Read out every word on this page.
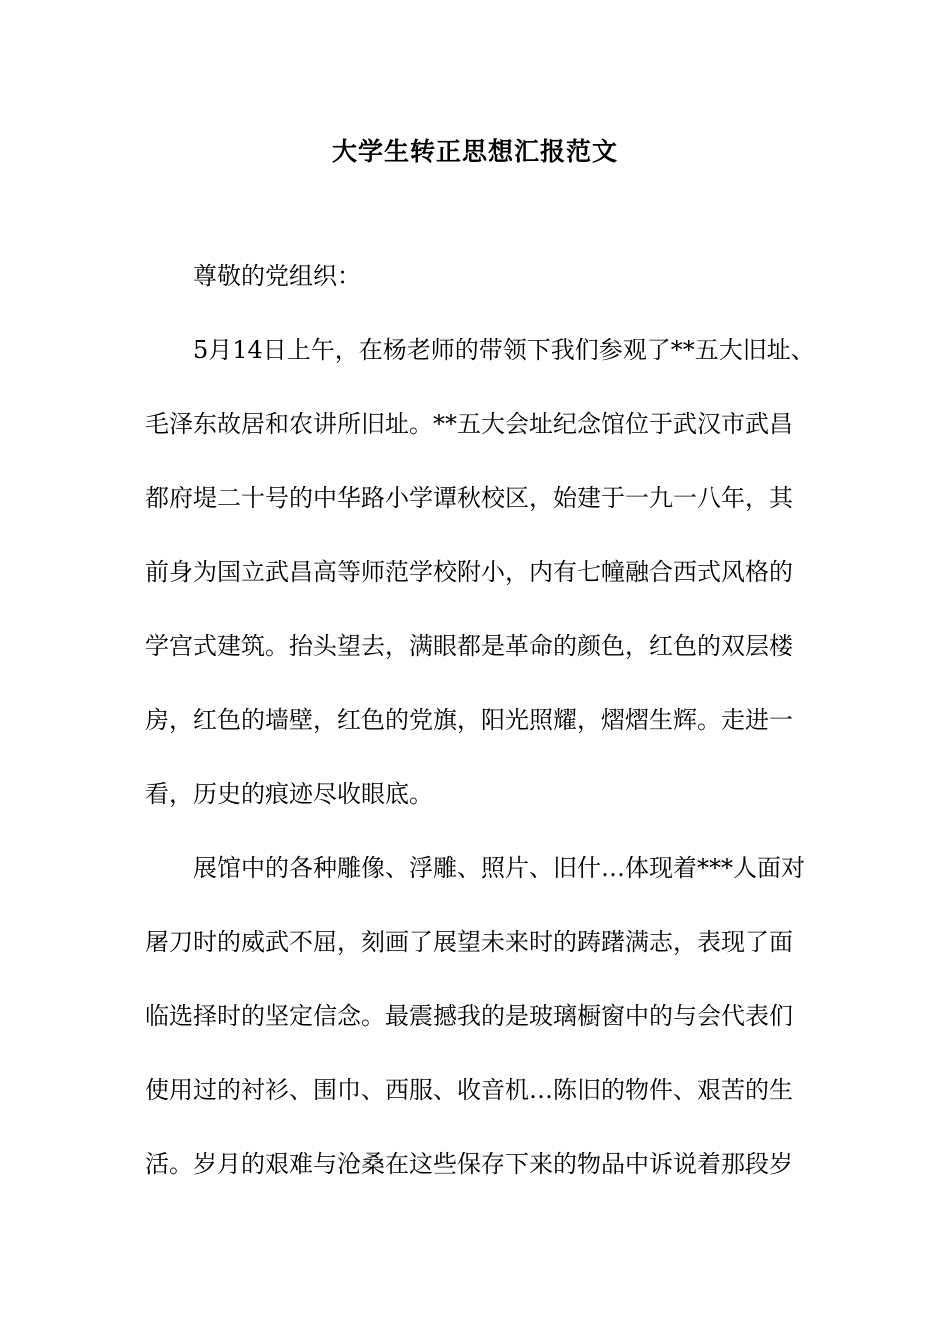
大学生转正思想汇报范文
尊敬的党组织：
5月14日上午，在杨老师的带领下我们参观了**五大旧址、
毛泽东故居和农讲所旧址。**五大会址纪念馆位于武汉市武昌
都府堤二十号的中华路小学谭秋校区，始建于一九一八年，其
前身为国立武昌高等师范学校附小，内有七幢融合西式风格的
学宫式建筑。抬头望去，满眼都是革命的颜色，红色的双层楼
房，红色的墙壁，红色的党旗，阳光照耀，熠熠生辉。走进一
看，历史的痕迹尽收眼底。
展馆中的各种雕像、浮雕、照片、旧什…体现着***人面对
屠刀时的威武不屈，刻画了展望未来时的踌躇满志，表现了面
临选择时的坚定信念。最震撼我的是玻璃橱窗中的与会代表们
使用过的衬衫、围巾、西服、收音机…陈旧的物件、艰苦的生
活。岁月的艰难与沧桑在这些保存下来的物品中诉说着那段岁
